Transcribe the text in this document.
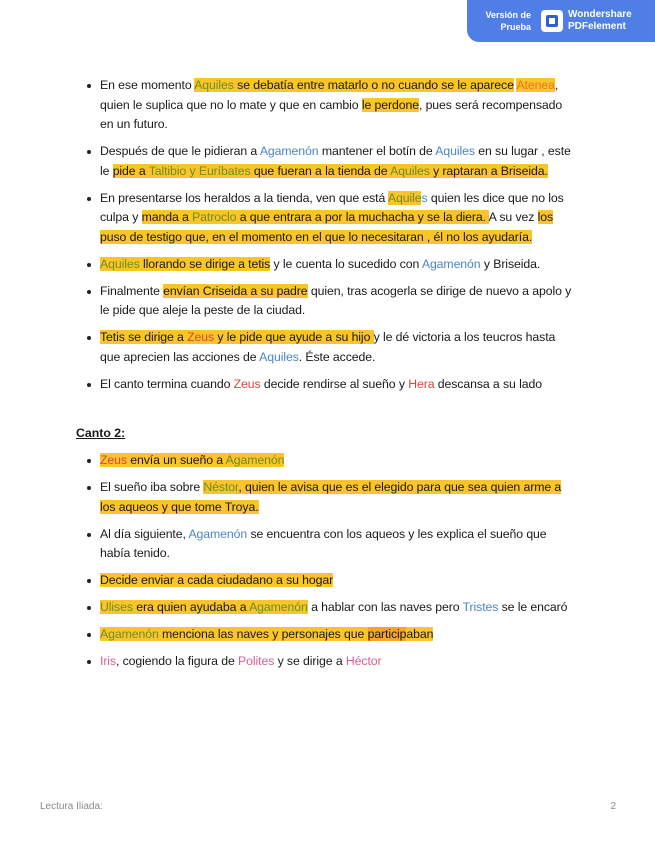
Versión de
Prueba
Wondershare
PDFelement
En ese momento Aquiles se debatía entre matarlo o no cuando se le aparece Atenea, quien le suplica que no lo mate y que en cambio le perdone, pues será recompensado en un futuro.
Después de que le pidieran a Agamenón mantener el botín de Aquiles en su lugar , este le pide a Taltibio y Euríbates que fueran a la tienda de Aquiles y raptaran a Briseida.
En presentarse los heraldos a la tienda, ven que está Aquiles quien les dice que no los culpa y manda a Patroclo a que entrara a por la muchacha y se la diera. A su vez los puso de testigo que, en el momento en el que lo necesitaran , él no los ayudaría.
Aquiles llorando se dirige a tetis y le cuenta lo sucedido con Agamenón y Briseida.
Finalmente envían Criseida a su padre quien, tras acogerla se dirige de nuevo a apolo y le pide que aleje la peste de la ciudad.
Tetis se dirige a Zeus y le pide que ayude a su hijo y le dé victoria a los teucros hasta que aprecien las acciones de Aquiles. Éste accede.
El canto termina cuando Zeus decide rendirse al sueño y Hera descansa a su lado
Canto 2:
Zeus envía un sueño a Agamenón
El sueño iba sobre Néstor, quien le avisa que es el elegido para que sea quien arme a los aqueos y que tome Troya.
Al día siguiente, Agamenón se encuentra con los aqueos y les explica el sueño que había tenido.
Decide enviar a cada ciudadano a su hogar
Ulises era quien ayudaba a Agamenón a hablar con las naves pero Tristes se le encaró
Agamenón menciona las naves y personajes que participaban
Iris, cogiendo la figura de Polites y se dirige a Héctor
Lectura Iliada:	2
